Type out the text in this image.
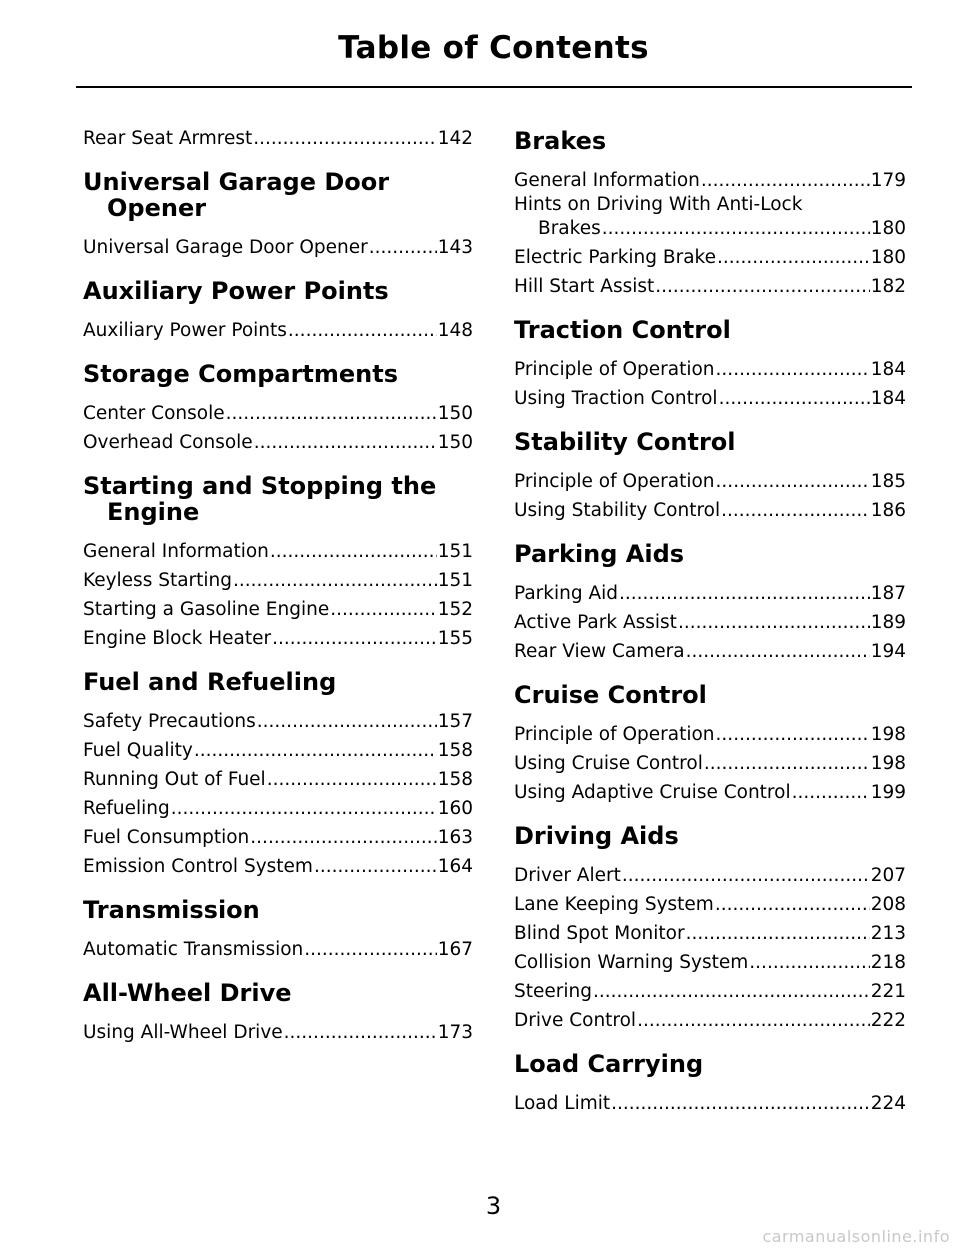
Table of Contents
Rear Seat Armrest .....	142
Universal Garage Door Opener
Universal Garage Door Opener .....	143
Auxiliary Power Points
Auxiliary Power Points .....	148
Storage Compartments
Center Console .....	150
Overhead Console .....	150
Starting and Stopping the Engine
General Information .....	151
Keyless Starting .....	151
Starting a Gasoline Engine .....	152
Engine Block Heater .....	155
Fuel and Refueling
Safety Precautions .....	157
Fuel Quality .....	158
Running Out of Fuel .....	158
Refueling .....	160
Fuel Consumption .....	163
Emission Control System .....	164
Transmission
Automatic Transmission .....	167
All-Wheel Drive
Using All-Wheel Drive .....	173
Brakes
General Information .....	179
Hints on Driving With Anti-Lock
Brakes .....	180
Electric Parking Brake .....	180
Hill Start Assist .....	182
Traction Control
Principle of Operation .....	184
Using Traction Control .....	184
Stability Control
Principle of Operation .....	185
Using Stability Control .....	186
Parking Aids
Parking Aid .....	187
Active Park Assist .....	189
Rear View Camera .....	194
Cruise Control
Principle of Operation .....	198
Using Cruise Control .....	198
Using Adaptive Cruise Control .....	199
Driving Aids
Driver Alert .....	207
Lane Keeping System .....	208
Blind Spot Monitor .....	213
Collision Warning System .....	218
Steering .....	221
Drive Control .....	222
Load Carrying
Load Limit .....	224
3
carmanualsonline.info
